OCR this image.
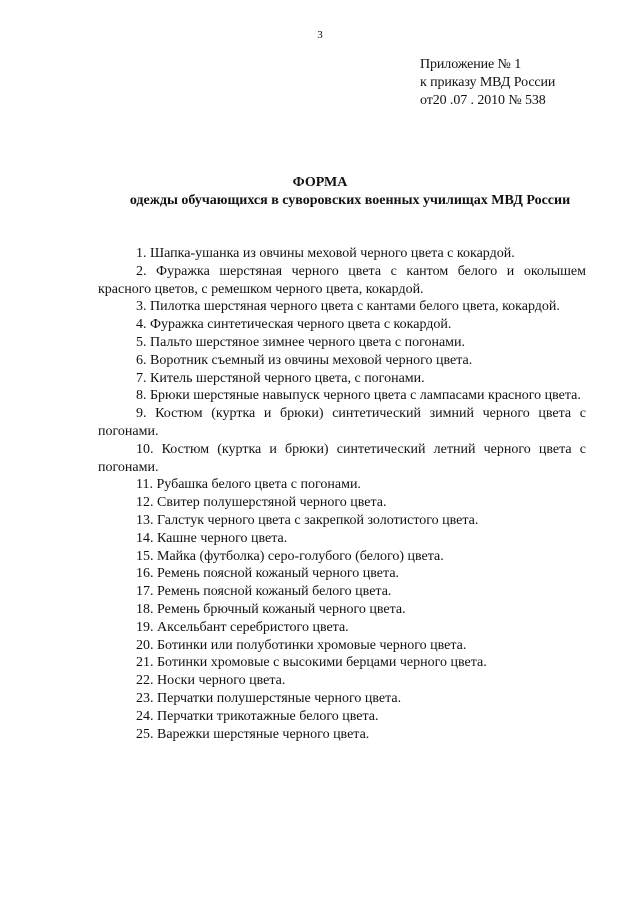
3
Приложение № 1
к приказу МВД России
от20 .07 . 2010 № 538
ФОРМА
одежды обучающихся в суворовских военных училищах МВД России

1. Шапка-ушанка из овчины меховой черного цвета с кокардой.

2. Фуражка шерстяная черного цвета с кантом белого и околышем красного цветов, с ремешком черного цвета, кокардой.

3. Пилотка шерстяная черного цвета с кантами белого цвета, кокардой.

4. Фуражка синтетическая черного цвета с кокардой.

5. Пальто шерстяное зимнее черного цвета с погонами.

6. Воротник съемный из овчины меховой черного цвета.

7. Китель шерстяной черного цвета, с погонами.

8. Брюки шерстяные навыпуск черного цвета с лампасами красного цвета.

9. Костюм (куртка и брюки) синтетический зимний черного цвета с погонами.

10. Костюм (куртка и брюки) синтетический летний черного цвета с погонами.

11. Рубашка белого цвета с погонами.

12. Свитер полушерстяной черного цвета.

13. Галстук черного цвета с закрепкой золотистого цвета.

14. Кашне черного цвета.

15. Майка (футболка) серо-голубого (белого) цвета.

16. Ремень поясной кожаный черного цвета.

17. Ремень поясной кожаный белого цвета.

18. Ремень брючный кожаный черного цвета.

19. Аксельбант серебристого цвета.

20. Ботинки или полуботинки хромовые черного цвета.

21. Ботинки хромовые с высокими берцами черного цвета.

22. Носки черного цвета.

23. Перчатки полушерстяные черного цвета.

24. Перчатки трикотажные белого цвета.

25. Варежки шерстяные черного цвета.
